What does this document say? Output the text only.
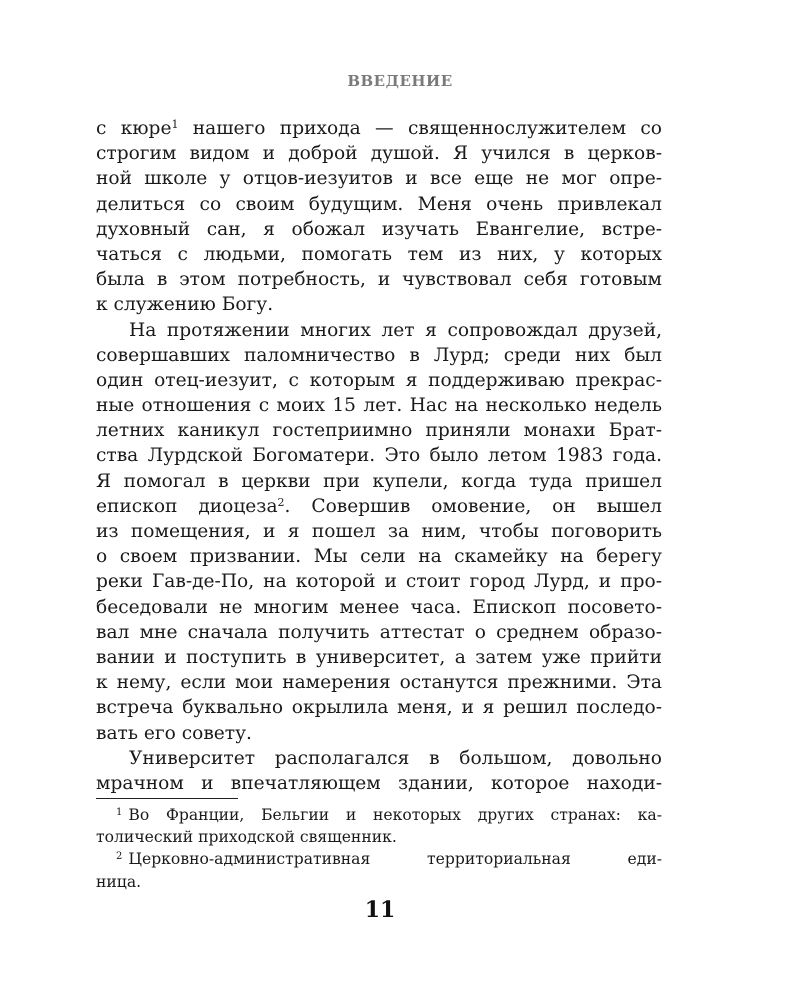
ВВЕДЕНИЕ
с кюре$^1$ нашего прихода — священнослужителем со
строгим видом и доброй душой. Я учился в церков-
ной школе у отцов-иезуитов и все еще не мог опре-
делиться со своим будущим. Меня очень привлекал
духовный сан, я обожал изучать Евангелие, встре-
чаться с людьми, помогать тем из них, у которых
была в этом потребность, и чувствовал себя готовым
к служению Богу.
На протяжении многих лет я сопровождал друзей,
совершавших паломничество в Лурд; среди них был
один отец-иезуит, с которым я поддерживаю прекрас-
ные отношения с моих 15 лет. Нас на несколько недель
летних каникул гостеприимно приняли монахи Брат-
ства Лурдской Богоматери. Это было летом 1983 года.
Я помогал в церкви при купели, когда туда пришел
епископ диоцеза$^2$. Совершив омовение, он вышел
из помещения, и я пошел за ним, чтобы поговорить
о своем призвании. Мы сели на скамейку на берегу
реки Гав-де-По, на которой и стоит город Лурд, и про-
беседовали не многим менее часа. Епископ посовето-
вал мне сначала получить аттестат о среднем образо-
вании и поступить в университет, а затем уже прийти
к нему, если мои намерения останутся прежними. Эта
встреча буквально окрылила меня, и я решил последо-
вать его совету.
Университет располагался в большом, довольно
мрачном и впечатляющем здании, которое находи-
$^1$ Во Франции, Бельгии и некоторых других странах: ка-
толический приходской священник.
$^2$ Церковно-административная территориальная еди-
ница.
11
